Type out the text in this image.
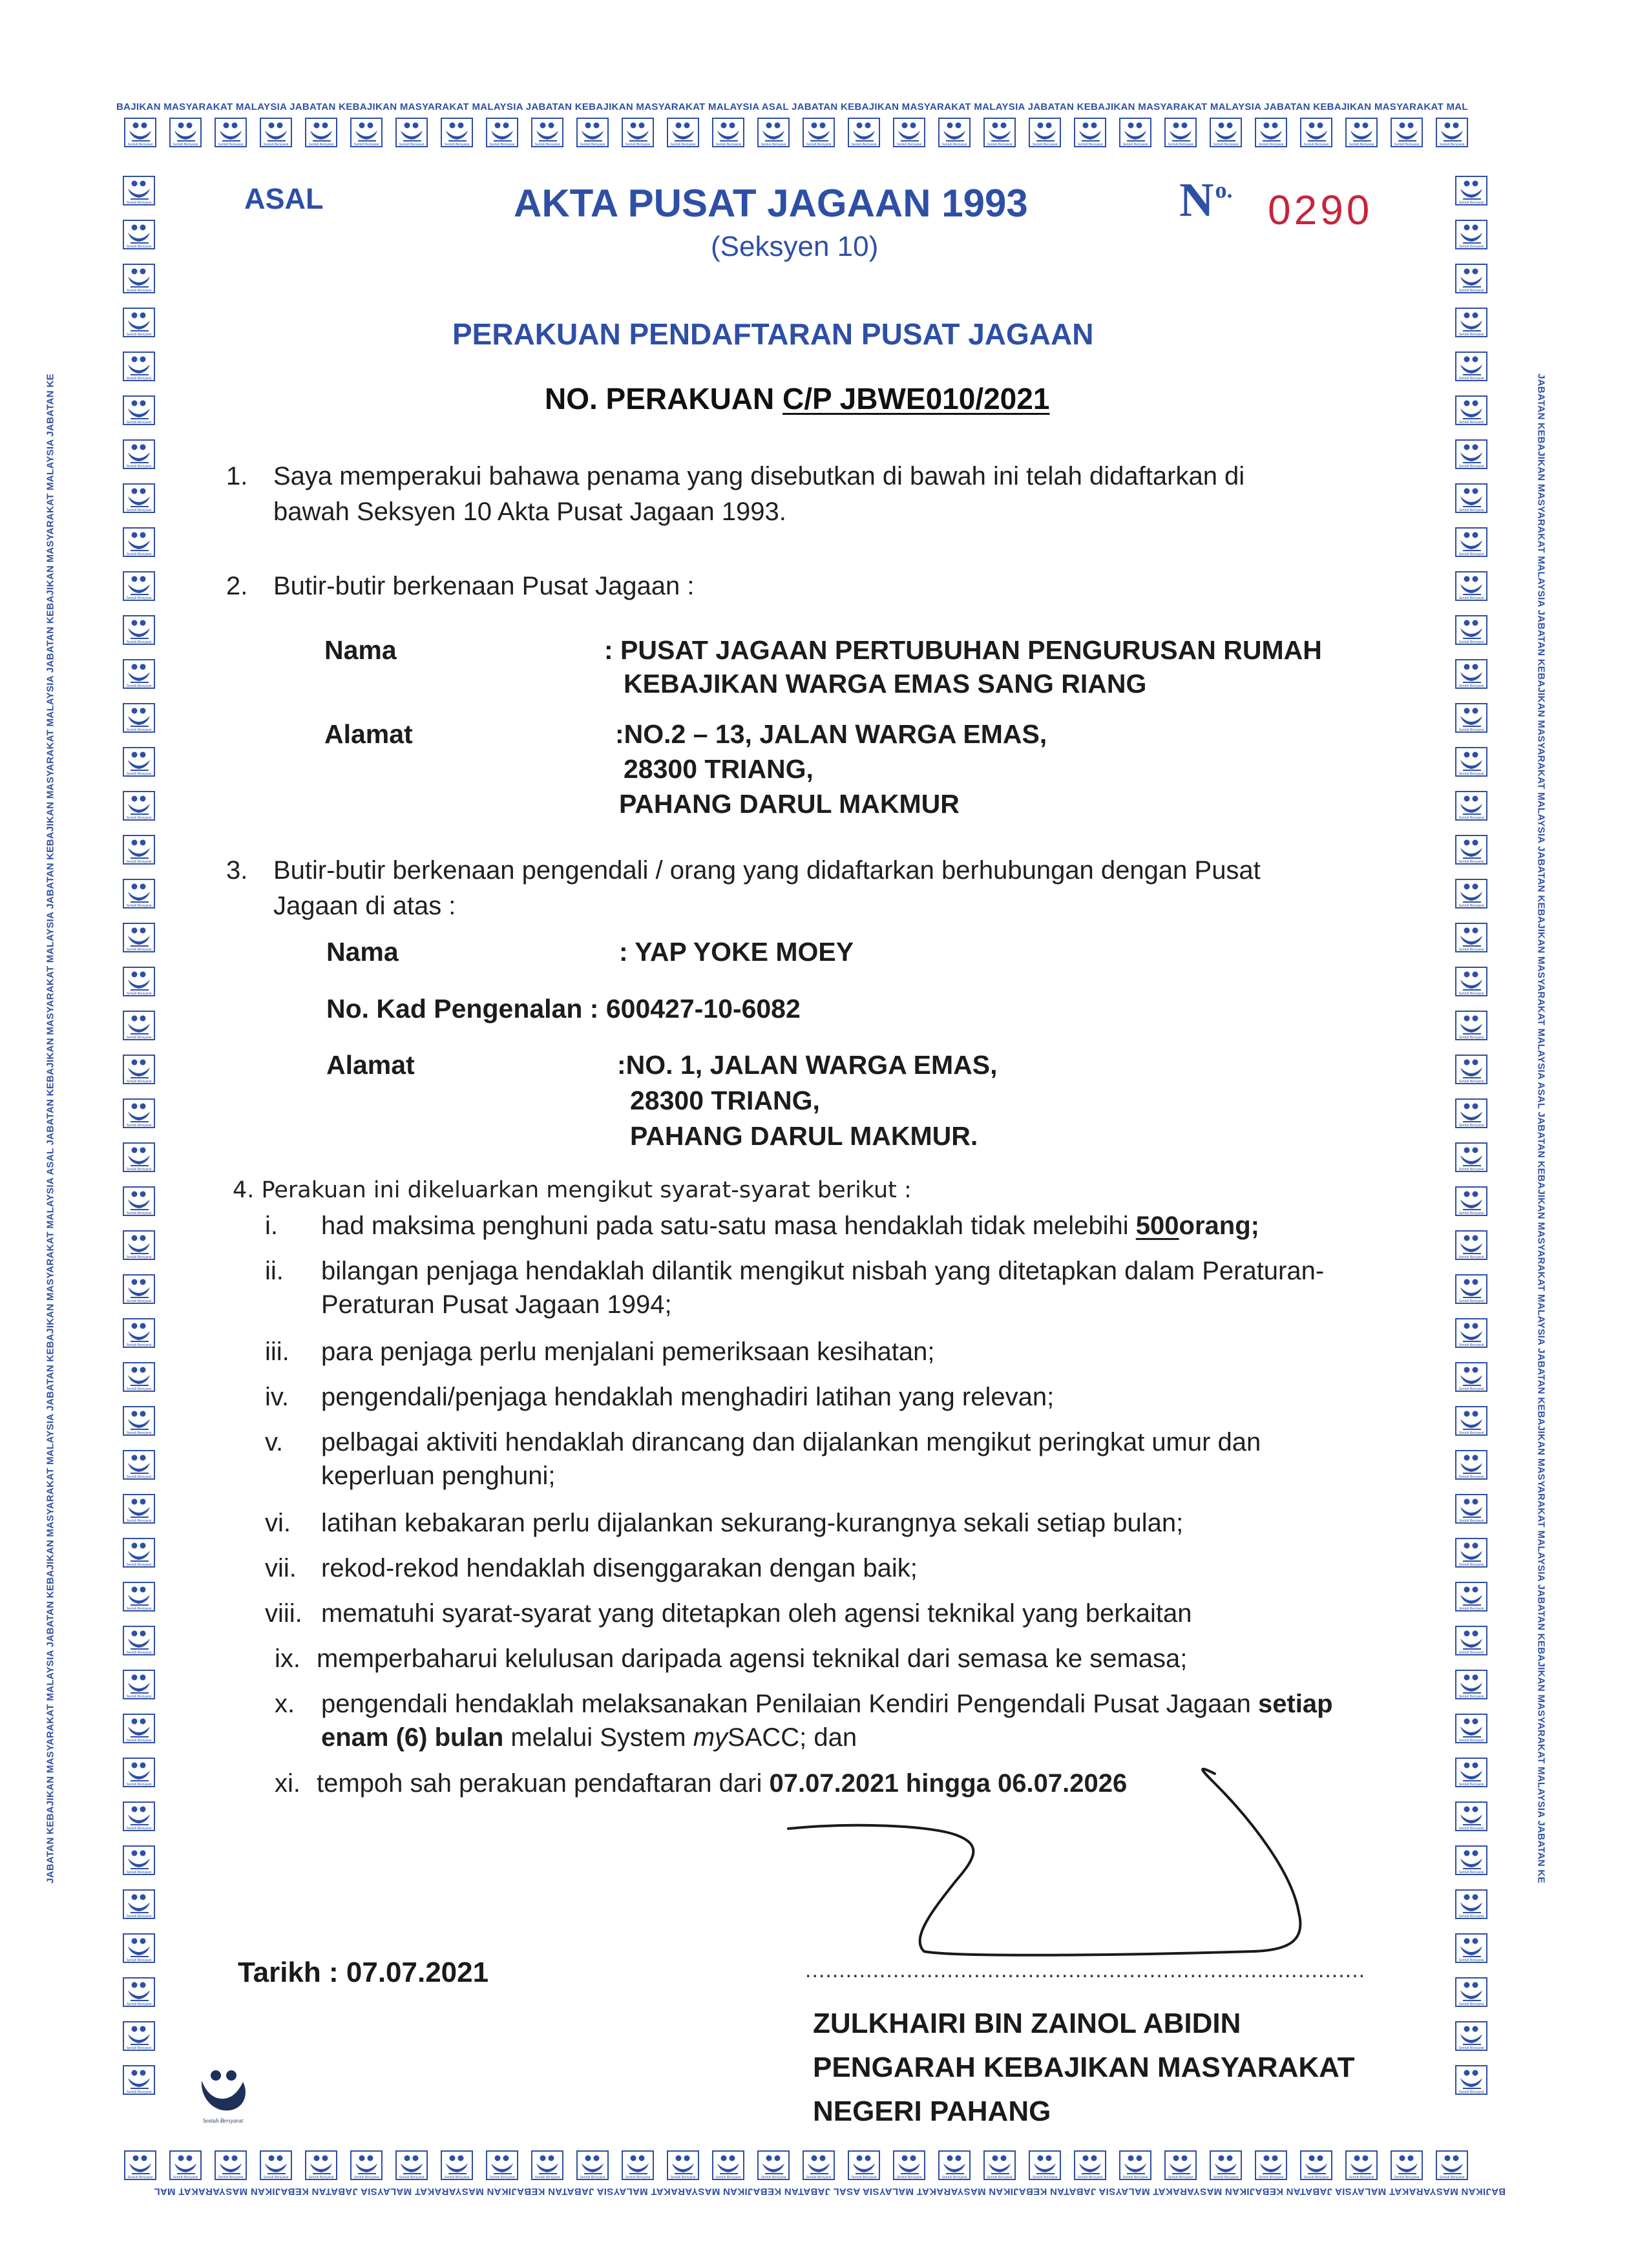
BAJIKAN MASYARAKAT MALAYSIA JABATAN KEBAJIKAN MASYARAKAT MALAYSIA JABATAN KEBAJIKAN MASYARAKAT MALAYSIA ASAL JABATAN KEBAJIKAN MASYARAKAT MALAYSIA JABATAN KEBAJIKAN MASYARAKAT MALAYSIA JABATAN KEBAJIKAN MASYARAKAT MAL
BAJIKAN MASYARAKAT MALAYSIA JABATAN KEBAJIKAN MASYARAKAT MALAYSIA JABATAN KEBAJIKAN MASYARAKAT MALAYSIA ASAL JABATAN KEBAJIKAN MASYARAKAT MALAYSIA JABATAN KEBAJIKAN MASYARAKAT MALAYSIA JABATAN KEBAJIKAN MASYARAKAT MAL
JABATAN KEBAJIKAN MASYARAKAT MALAYSIA JABATAN KEBAJIKAN MASYARAKAT MALAYSIA JABATAN KEBAJIKAN MASYARAKAT MALAYSIA ASAL JABATAN KEBAJIKAN MASYARAKAT MALAYSIA JABATAN KEBAJIKAN MASYARAKAT MALAYSIA JABATAN KEBAJIKAN MASYARAKAT MALAYSIA JABATAN KE	JABATAN KEBAJIKAN MASYARAKAT MALAYSIA JABATAN KEBAJIKAN MASYARAKAT MALAYSIA JABATAN KEBAJIKAN MASYARAKAT MALAYSIA ASAL JABATAN KEBAJIKAN MASYARAKAT MALAYSIA JABATAN KEBAJIKAN MASYARAKAT MALAYSIA JABATAN KEBAJIKAN MASYARAKAT MALAYSIA JABATAN KE
ASAL	AKTA PUSAT JAGAAN 1993
(Seksyen 10)
$N^{o.}$ 0290
PERAKUAN PENDAFTARAN PUSAT JAGAAN
NO. PERAKUAN C/P JBWE010/2021
1. Saya memperakui bahawa penama yang disebutkan di bawah ini telah didaftarkan di
bawah Seksyen 10 Akta Pusat Jagaan 1993.
2. Butir-butir berkenaan Pusat Jagaan :
Nama	: PUSAT JAGAAN PERTUBUHAN PENGURUSAN RUMAH
KEBAJIKAN WARGA EMAS SANG RIANG
Alamat	:NO.2 – 13, JALAN WARGA EMAS,
28300 TRIANG,
PAHANG DARUL MAKMUR
3. Butir-butir berkenaan pengendali / orang yang didaftarkan berhubungan dengan Pusat
Jagaan di atas :
Nama	: YAP YOKE MOEY
No. Kad Pengenalan : 600427-10-6082
Alamat	:NO. 1, JALAN WARGA EMAS,
28300 TRIANG,
PAHANG DARUL MAKMUR.
4. Perakuan ini dikeluarkan mengikut syarat-syarat berikut :
i. had maksima penghuni pada satu-satu masa hendaklah tidak melebihi 500orang;
ii. bilangan penjaga hendaklah dilantik mengikut nisbah yang ditetapkan dalam Peraturan-
Peraturan Pusat Jagaan 1994;
iii. para penjaga perlu menjalani pemeriksaan kesihatan;
iv. pengendali/penjaga hendaklah menghadiri latihan yang relevan;
v. pelbagai aktiviti hendaklah dirancang dan dijalankan mengikut peringkat umur dan
keperluan penghuni;
vi. latihan kebakaran perlu dijalankan sekurang-kurangnya sekali setiap bulan;
vii. rekod-rekod hendaklah disenggarakan dengan baik;
viii. mematuhi syarat-syarat yang ditetapkan oleh agensi teknikal yang berkaitan
ix. memperbaharui kelulusan daripada agensi teknikal dari semasa ke semasa;
x. pengendali hendaklah melaksanakan Penilaian Kendiri Pengendali Pusat Jagaan setiap
enam (6) bulan melalui System mySACC; dan
xi. tempoh sah perakuan pendaftaran dari 07.07.2021 hingga 06.07.2026
...................................................................................
Tarikh : 07.07.2021
ZULKHAIRI BIN ZAINOL ABIDIN
PENGARAH KEBAJIKAN MASYARAKAT
NEGERI PAHANG
Sentuh Bersyarat
